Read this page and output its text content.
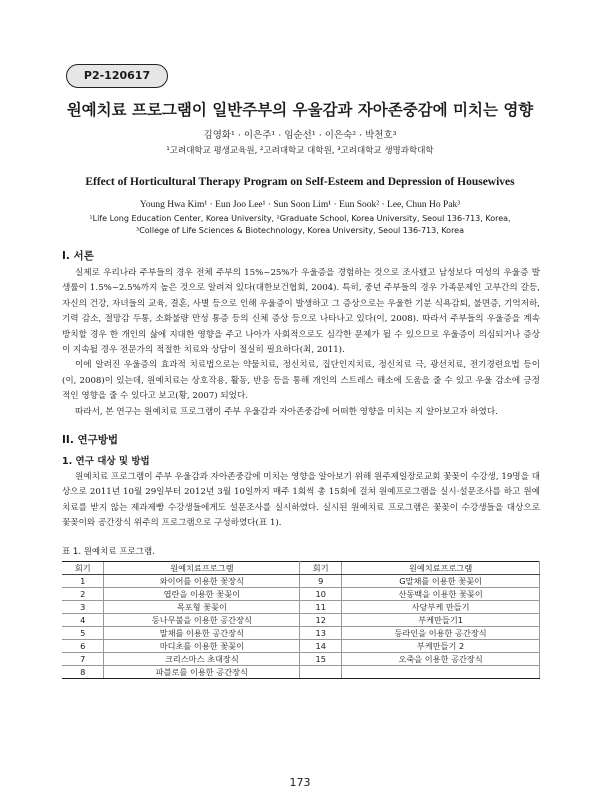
P2-120617
원예치료 프로그램이 일반주부의 우울감과 자아존중감에 미치는 영향
김영화¹ · 이은주¹ · 임순선¹ · 이은숙² · 박천호³
¹고려대학교 평생교육원, ²고려대학교 대학원, ³고려대학교 생명과학대학
Effect of Horticultural Therapy Program on Self-Esteem and Depression of Housewives
Young Hwa Kim¹ · Eun Joo Lee¹ · Sun Soon Lim¹ · Eun Sook² · Lee, Chun Ho Pak³
¹Life Long Education Center, Korea University, ²Graduate School, Korea University, Seoul 136-713, Korea,
³College of Life Sciences & Biotechnology, Korea University, Seoul 136-713, Korea
I. 서론

실제로 우리나라 주부들의 경우 전체 주부의 15%~25%가 우울증을 경험하는 것으로 조사됐고 남성보다 여성의 우울증 발생률이 1.5%~2.5%까지 높은 것으로 알려져 있다(대한보건협회, 2004). 특히, 중년 주부들의 경우 가족문제인 고부간의 갈등, 자신의 건강, 자녀들의 교육, 결혼, 사별 등으로 인해 우울증이 발생하고 그 증상으로는 우울한 기분 식욕감퇴, 불면증, 기억저하, 기력 감소, 절망감 두통, 소화불량 만성 통증 등의 신체 증상 등으로 나타나고 있다(이, 2008). 따라서 주부들의 우울증을 계속 방치할 경우 한 개인의 삶에 지대한 영향을 주고 나아가 사회적으로도 심각한 문제가 될 수 있으므로 우울증이 의심되거나 증상이 지속될 경우 전문가의 적절한 치료와 상담이 절실히 필요하다(최, 2011).

이에 알려진 우울증의 효과적 치료법으로는 약물치료, 정신치료, 집단인지치료, 정신치료 극, 광선치료, 전기경련요법 등이(이, 2008)이 있는데, 원예치료는 상호작용, 활동, 반응 등을 통해 개인의 스트레스 해소에 도움을 줄 수 있고 우울 감소에 긍정적인 영향을 줄 수 있다고 보고(황, 2007) 되었다.

따라서, 본 연구는 원예치료 프로그램이 주부 우울감과 자아존중감에 어떠한 영향을 미치는 지 알아보고자 하였다.

II. 연구방법
1. 연구 대상 및 방법

원예치료 프로그램이 주부 우울감과 자아존중감에 미치는 영향을 알아보기 위해 원주제일장로교회 꽃꽂이 수강생, 19명을 대상으로 2011년 10월 29일부터 2012년 3월 10일까지 매주 1회씩 총 15회에 걸쳐 원예프로그램을 실시·설문조사를 하고 원예치료를 받지 않는 제과제빵 수강생들에게도 설문조사를 실시하였다. 실시된 원예치료 프로그램은 꽃꽂이 수강생들을 대상으로 꽃꽂이와 공간장식 위주의 프로그램으로 구성하였다(표 1).

표 1. 원예치료 프로그램.
회기	원예치료프로그램	회기	원예치료프로그램
1	와이어를 이용한 꽃장식	9	G말채를 이용한 꽃꽂이
2	엽란을 이용한 꽃꽂이	10	산동백을 이용한 꽃꽂이
3	목포형 꽃꽂이	11	사당부케 만들기
4	등나무불을 이용한 공간장식	12	부케만들기1
5	말채를 이용한 공간장식	13	등라인을 이용한 공간장식
6	마디초를 이용한 꽃꽂이	14	부케만들기 2
7	크리스마스 초대장식	15	오죽을 이용한 공간장식
8	파블로를 이용한 공간장식		
173
